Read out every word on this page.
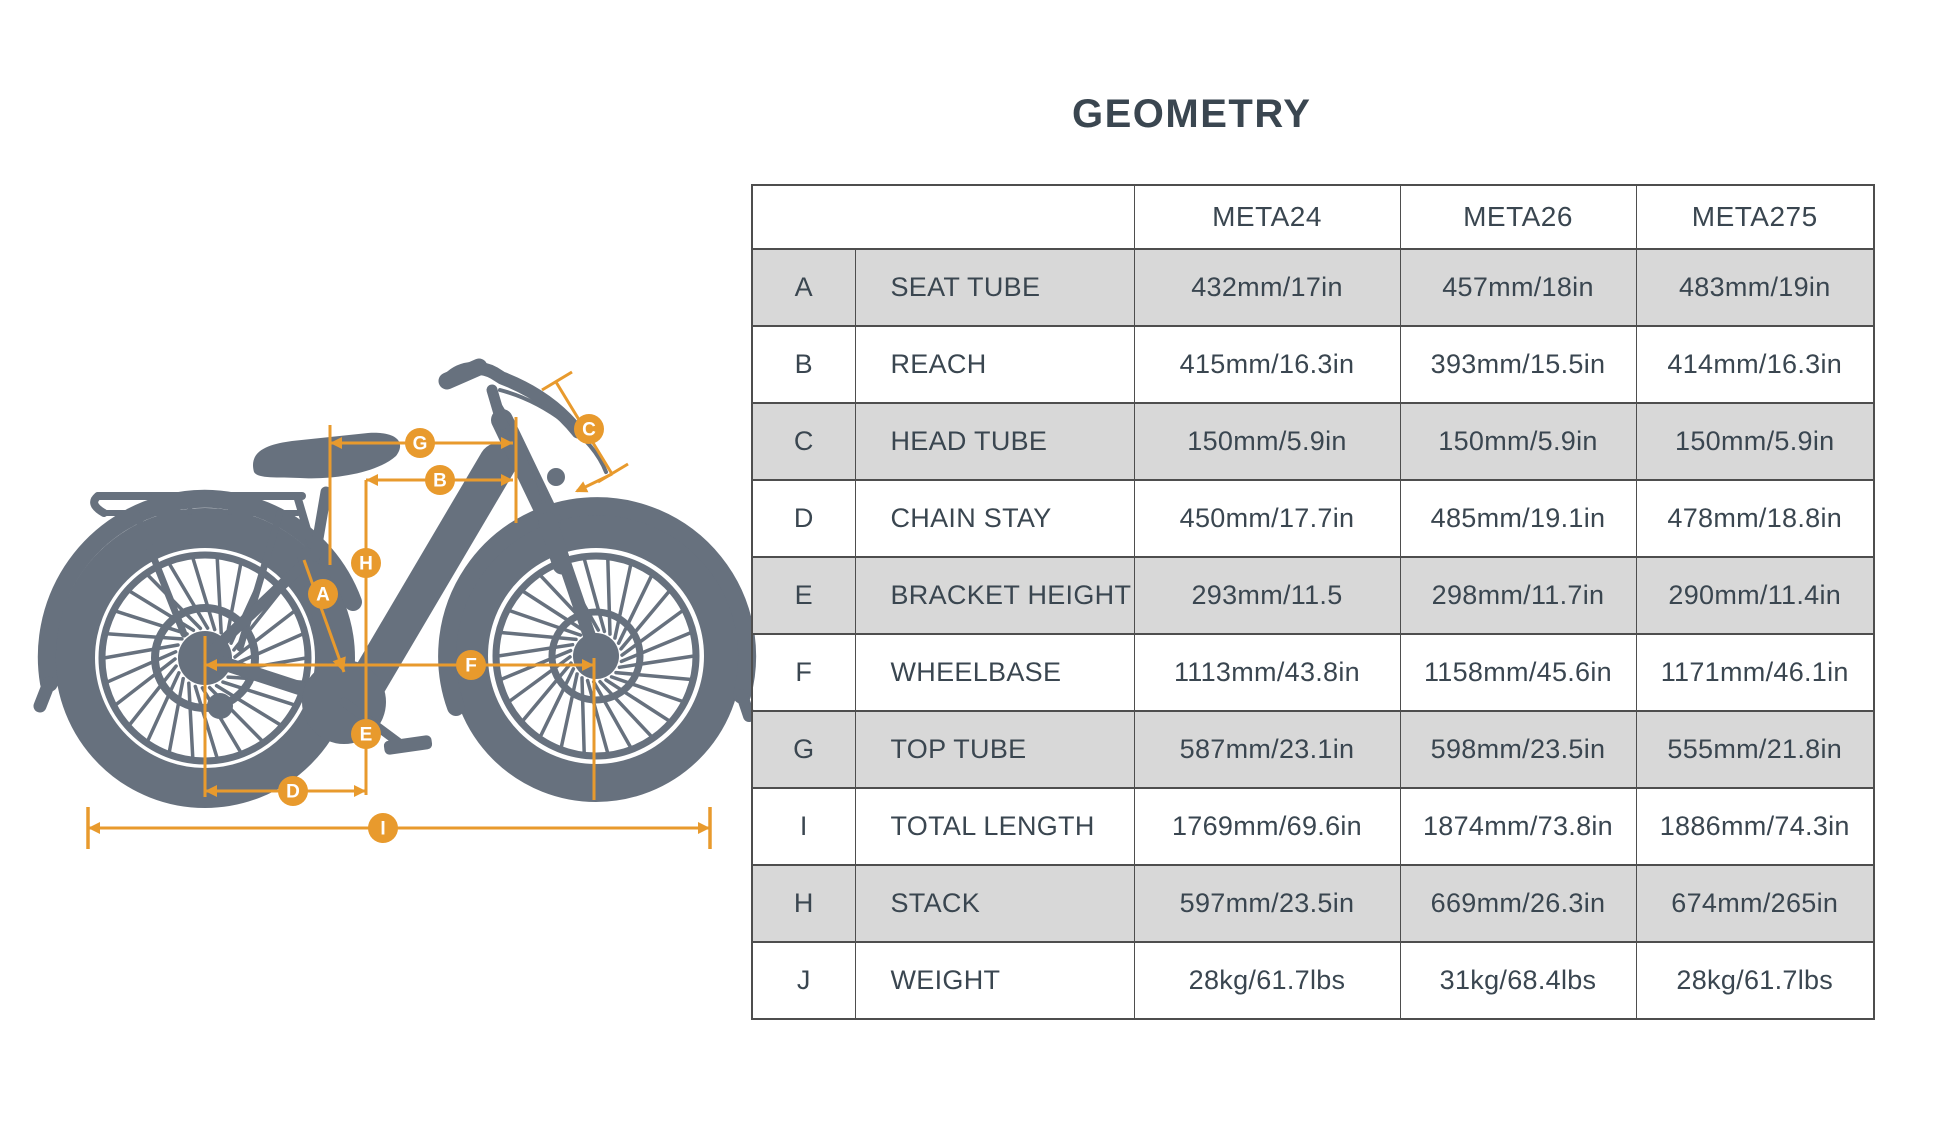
G
B
C
H
A
F
E
D
I
GEOMETRY
		META24	META26	META275
A	SEAT TUBE	432mm/17in	457mm/18in	483mm/19in
B	REACH	415mm/16.3in	393mm/15.5in	414mm/16.3in
C	HEAD TUBE	150mm/5.9in	150mm/5.9in	150mm/5.9in
D	CHAIN STAY	450mm/17.7in	485mm/19.1in	478mm/18.8in
E	BRACKET HEIGHT	293mm/11.5	298mm/11.7in	290mm/11.4in
F	WHEELBASE	1113mm/43.8in	1158mm/45.6in	1171mm/46.1in
G	TOP TUBE	587mm/23.1in	598mm/23.5in	555mm/21.8in
I	TOTAL LENGTH	1769mm/69.6in	1874mm/73.8in	1886mm/74.3in
H	STACK	597mm/23.5in	669mm/26.3in	674mm/265in
J	WEIGHT	28kg/61.7lbs	31kg/68.4lbs	28kg/61.7lbs
